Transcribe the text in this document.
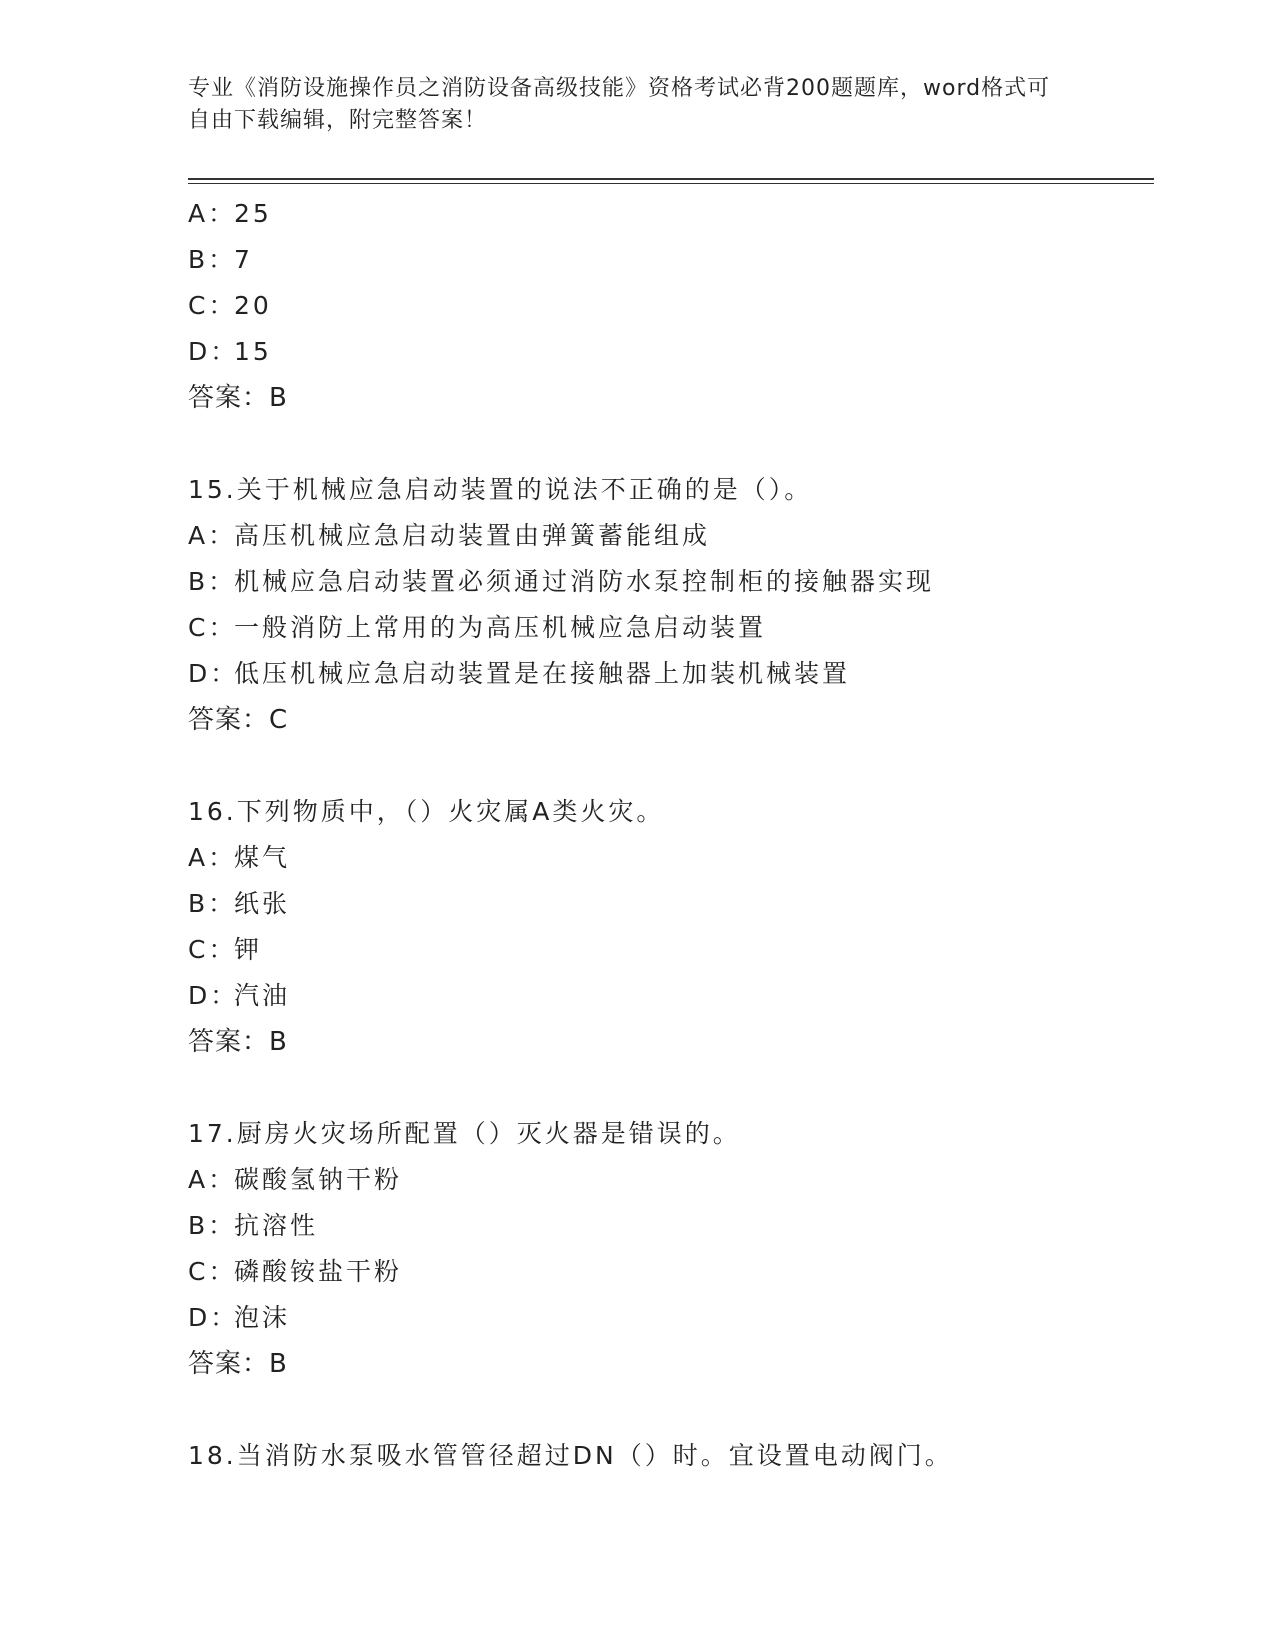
专业《消防设施操作员之消防设备高级技能》资格考试必背200题题库，word格式可自由下载编辑，附完整答案！
A：25
B：7
C：20
D：15
答案：B
15.关于机械应急启动装置的说法不正确的是（）。
A：高压机械应急启动装置由弹簧蓄能组成
B：机械应急启动装置必须通过消防水泵控制柜的接触器实现
C：一般消防上常用的为高压机械应急启动装置
D：低压机械应急启动装置是在接触器上加装机械装置
答案：C
16.下列物质中，（）火灾属A类火灾。
A：煤气
B：纸张
C：钾
D：汽油
答案：B
17.厨房火灾场所配置（）灭火器是错误的。
A：碳酸氢钠干粉
B：抗溶性
C：磷酸铵盐干粉
D：泡沫
答案：B
18.当消防水泵吸水管管径超过DN（）时。宜设置电动阀门。
